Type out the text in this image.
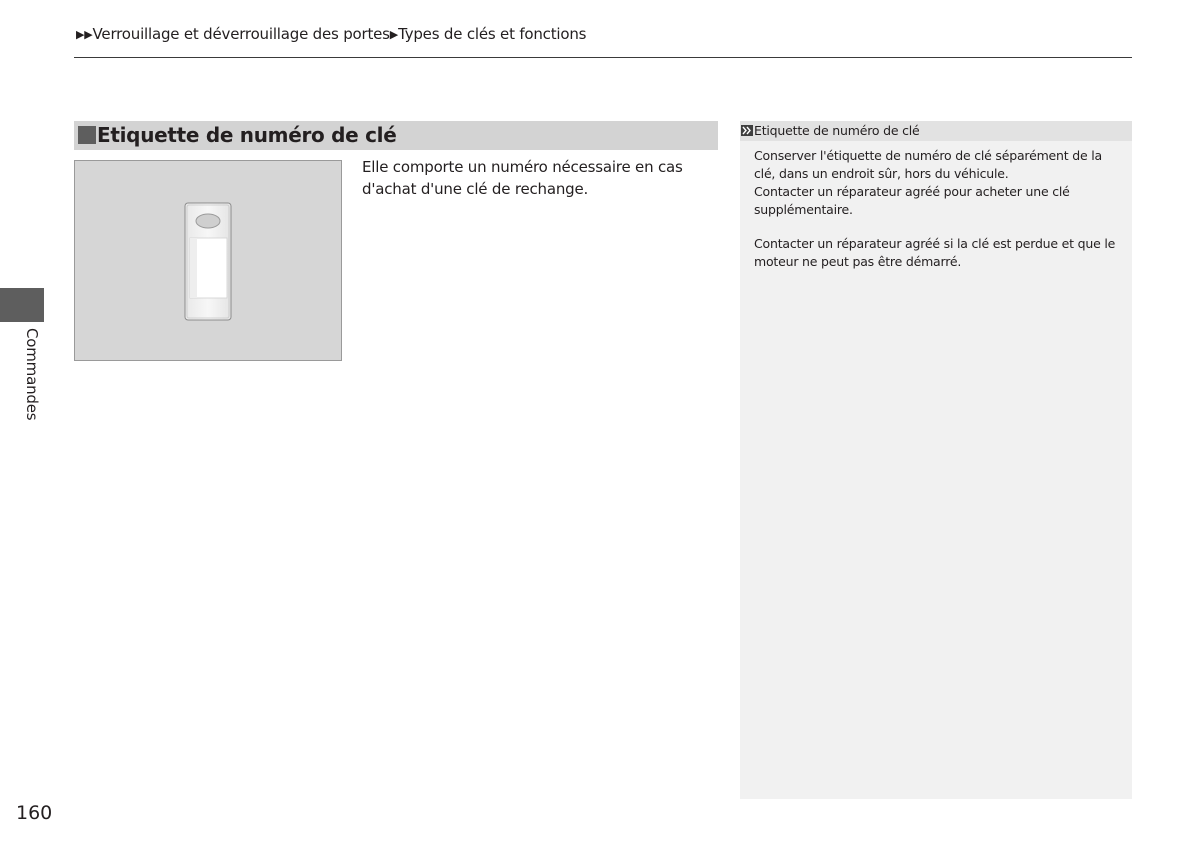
▶▶Verrouillage et déverrouillage des portes▶Types de clés et fonctions
Etiquette de numéro de clé
Elle comporte un numéro nécessaire en cas d'achat d'une clé de rechange.
Etiquette de numéro de clé

Conserver l'étiquette de numéro de clé séparément de la clé, dans un endroit sûr, hors du véhicule.

Contacter un réparateur agréé pour acheter une clé supplémentaire.

Contacter un réparateur agréé si la clé est perdue et que le moteur ne peut pas être démarré.

Commandes
160
